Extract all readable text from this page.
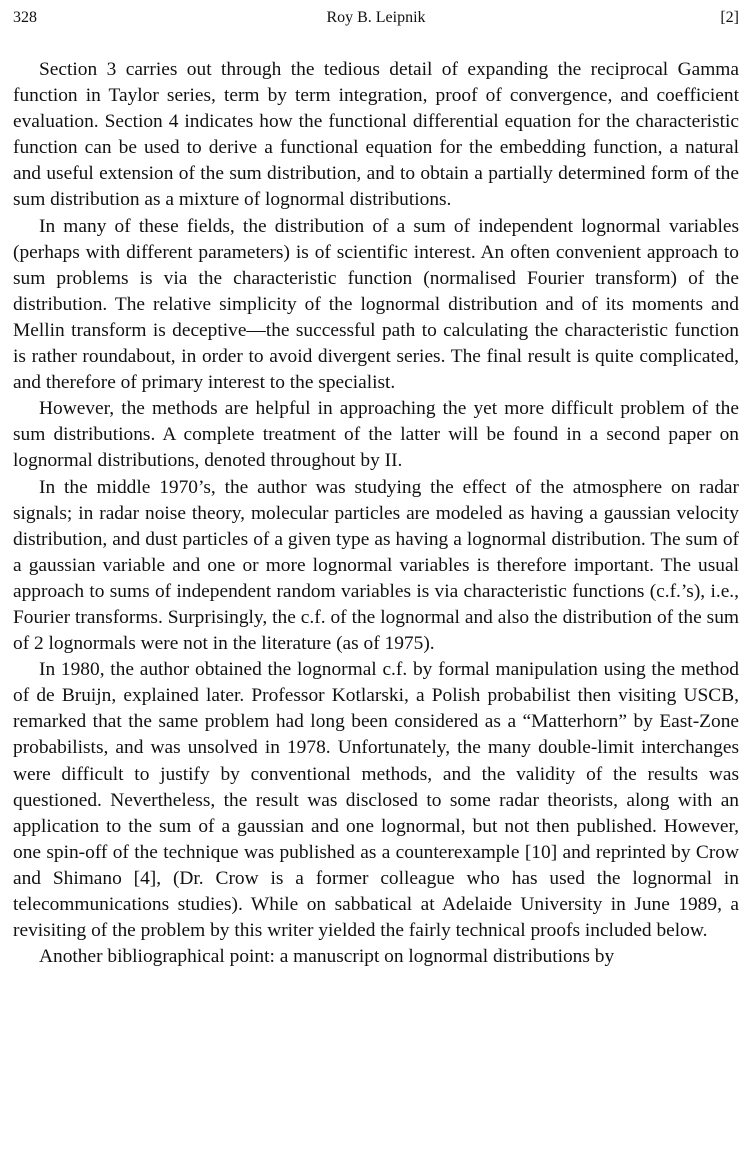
328	Roy B. Leipnik	[2]

Section 3 carries out through the tedious detail of expanding the reciprocal Gamma function in Taylor series, term by term integration, proof of convergence, and coefficient evaluation. Section 4 indicates how the functional differential equation for the characteristic function can be used to derive a functional equation for the embedding function, a natural and useful extension of the sum distribution, and to obtain a partially determined form of the sum distribution as a mixture of lognormal distributions.

In many of these fields, the distribution of a sum of independent lognormal variables (perhaps with different parameters) is of scientific interest. An often convenient approach to sum problems is via the characteristic function (normalised Fourier transform) of the distribution. The relative simplicity of the lognormal distribution and of its moments and Mellin transform is deceptive—the successful path to calculating the characteristic function is rather roundabout, in order to avoid divergent series. The final result is quite complicated, and therefore of primary interest to the specialist.

However, the methods are helpful in approaching the yet more difficult problem of the sum distributions. A complete treatment of the latter will be found in a second paper on lognormal distributions, denoted throughout by II.

In the middle 1970’s, the author was studying the effect of the atmosphere on radar signals; in radar noise theory, molecular particles are modeled as having a gaussian velocity distribution, and dust particles of a given type as having a lognormal distribution. The sum of a gaussian variable and one or more lognormal variables is therefore important. The usual approach to sums of independent random variables is via characteristic functions (c.f.’s), i.e., Fourier transforms. Surprisingly, the c.f. of the lognormal and also the distribution of the sum of 2 lognormals were not in the literature (as of 1975).

In 1980, the author obtained the lognormal c.f. by formal manipulation using the method of de Bruijn, explained later. Professor Kotlarski, a Polish probabilist then visiting USCB, remarked that the same problem had long been considered as a “Matterhorn” by East-Zone probabilists, and was unsolved in 1978. Unfortunately, the many double-limit interchanges were difficult to justify by conventional methods, and the validity of the results was questioned. Nevertheless, the result was disclosed to some radar theorists, along with an application to the sum of a gaussian and one lognormal, but not then published. However, one spin-off of the technique was published as a counterexample [10] and reprinted by Crow and Shimano [4], (Dr. Crow is a former colleague who has used the lognormal in telecommunications studies). While on sabbatical at Adelaide University in June 1989, a revisiting of the problem by this writer yielded the fairly technical proofs included below.

Another bibliographical point: a manuscript on lognormal distributions by
